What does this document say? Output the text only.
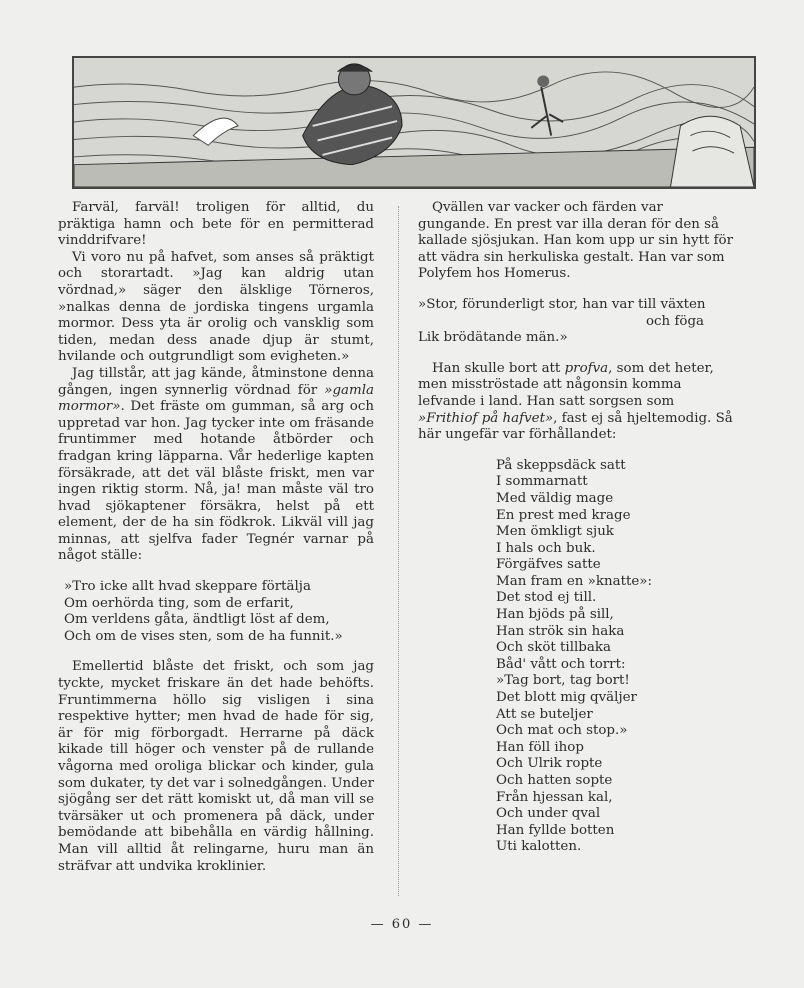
Farväl, farväl! troligen för alltid, du präktiga hamn och bete för en permitterad vinddrifvare!

Vi voro nu på hafvet, som anses så präktigt och storartadt. »Jag kan aldrig utan vördnad,» säger den älsklige Törneros, »nalkas denna de jordiska tingens urgamla mormor. Dess yta är orolig och vansklig som tiden, medan dess anade djup är stumt, hvilande och outgrundligt som evigheten.»

Jag tillstår, att jag kände, åtminstone denna gången, ingen synnerlig vördnad för »gamla mormor». Det fräste om gumman, så arg och uppretad var hon. Jag tycker inte om fräsande fruntimmer med hotande åtbörder och fradgan kring läpparna. Vår hederlige kapten försäkrade, att det väl blåste friskt, men var ingen riktig storm. Nå, ja! man måste väl tro hvad sjökaptener försäkra, helst på ett element, der de ha sin födkrok. Likväl vill jag minnas, att sjelfva fader Tegnér varnar på något ställe:

»Tro icke allt hvad skeppare förtälja
Om oerhörda ting, som de erfarit,
Om verldens gåta, ändtligt löst af dem,
Och om de vises sten, som de ha funnit.»

Emellertid blåste det friskt, och som jag tyckte, mycket friskare än det hade behöfts. Fruntimmerna höllo sig visligen i sina respektive hytter; men hvad de hade för sig, är för mig förborgadt. Herrarne på däck kikade till höger och venster på de rullande vågorna med oroliga blickar och kinder, gula som dukater, ty det var i solnedgången. Under sjögång ser det rätt komiskt ut, då man vill se tvärsäker ut och promenera på däck, under bemödande att bibehålla en värdig hållning. Man vill alltid åt relingarne, huru man än sträfvar att undvika kroklinier.

Qvällen var vacker och färden var gungande. En prest var illa deran för den så kallade sjösjukan. Han kom upp ur sin hytt för att vädra sin herkuliska gestalt. Han var som Polyfem hos Homerus.

»Stor, förunderligt stor, han var till växten
och föga
Lik brödätande män.»

Han skulle bort att profva, som det heter, men misströstade att någonsin komma lefvande i land. Han satt sorgsen som »Frithiof på hafvet», fast ej så hjeltemodig. Så här ungefär var förhållandet:

På skeppsdäck satt
I sommarnatt
Med väldig mage
En prest med krage
Men ömkligt sjuk
I hals och buk.
Förgäfves satte
Man fram en »knatte»:
Det stod ej till.
Han bjöds på sill,
Han strök sin haka
Och sköt tillbaka
Båd' vått och torrt:
»Tag bort, tag bort!
Det blott mig qväljer
Att se buteljer
Och mat och stop.»
Han föll ihop
Och Ulrik ropte
Och hatten sopte
Från hjessan kal,
Och under qval
Han fyllde botten
Uti kalotten.
— 60 —
